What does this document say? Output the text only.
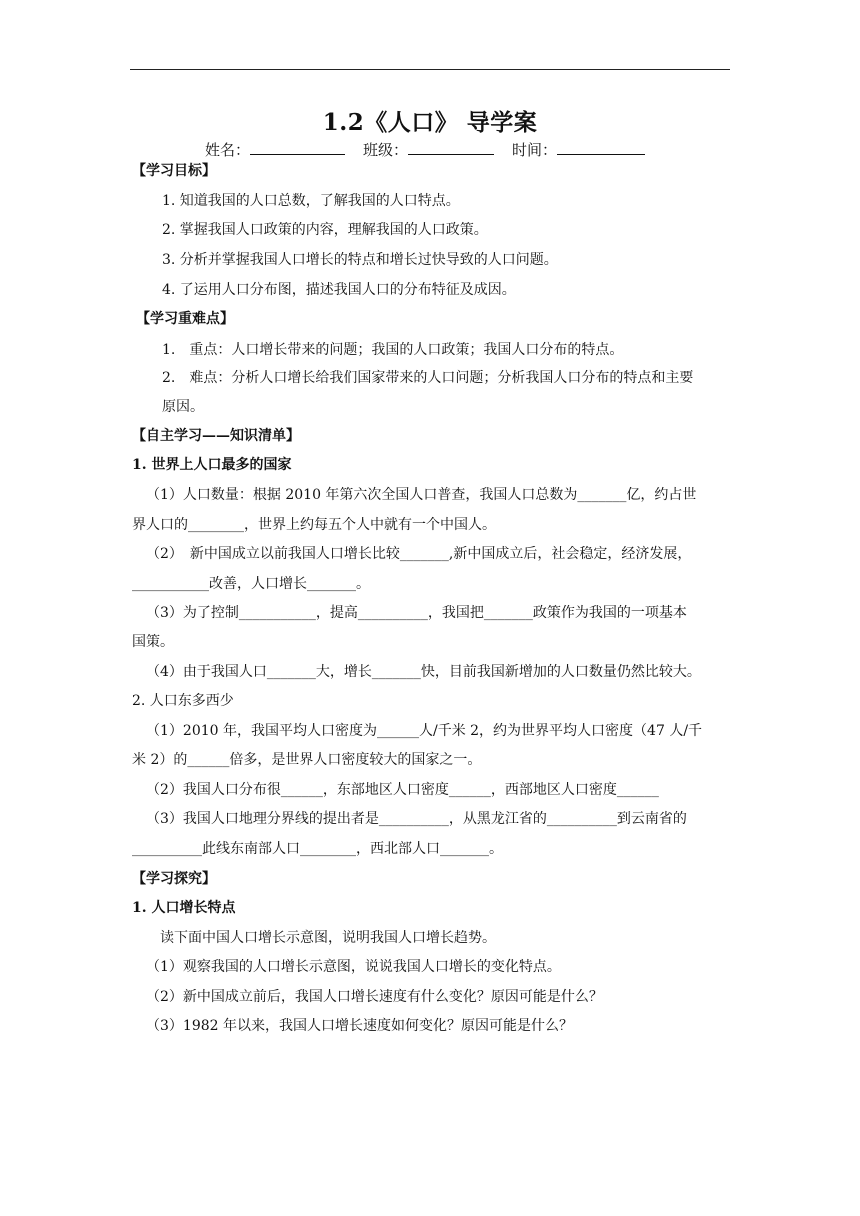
1.2《人口》 导学案
姓名：	班级：	时间：
【学习目标】
1. 知道我国的人口总数，了解我国的人口特点。
2. 掌握我国人口政策的内容，理解我国的人口政策。
3. 分析并掌握我国人口增长的特点和增长过快导致的人口问题。
4. 了运用人口分布图，描述我国人口的分布特征及成因。
【学习重难点】
1.　重点：人口增长带来的问题；我国的人口政策；我国人口分布的特点。
2.　难点：分析人口增长给我们国家带来的人口问题；分析我国人口分布的特点和主要
原因。
【自主学习——知识清单】
1. 世界上人口最多的国家
（1）人口数量：根据 2010 年第六次全国人口普查，我国人口总数为_______亿，约占世
界人口的________，世界上约每五个人中就有一个中国人。
（2）　新中国成立以前我国人口增长比较_______,新中国成立后，社会稳定，经济发展，
___________改善，人口增长_______。
（3）为了控制___________，提高__________，我国把_______政策作为我国的一项基本
国策。
（4）由于我国人口_______大，增长_______快，目前我国新增加的人口数量仍然比较大。
2. 人口东多西少
（1）2010 年，我国平均人口密度为______人/千米 2，约为世界平均人口密度（47 人/千
米 2）的______倍多，是世界人口密度较大的国家之一。
（2）我国人口分布很______，东部地区人口密度______，西部地区人口密度______
（3）我国人口地理分界线的提出者是__________，从黑龙江省的__________到云南省的
__________此线东南部人口________，西北部人口_______。
【学习探究】
1. 人口增长特点
读下面中国人口增长示意图，说明我国人口增长趋势。
（1）观察我国的人口增长示意图，说说我国人口增长的变化特点。
（2）新中国成立前后，我国人口增长速度有什么变化？原因可能是什么？
（3）1982 年以来，我国人口增长速度如何变化？原因可能是什么？
